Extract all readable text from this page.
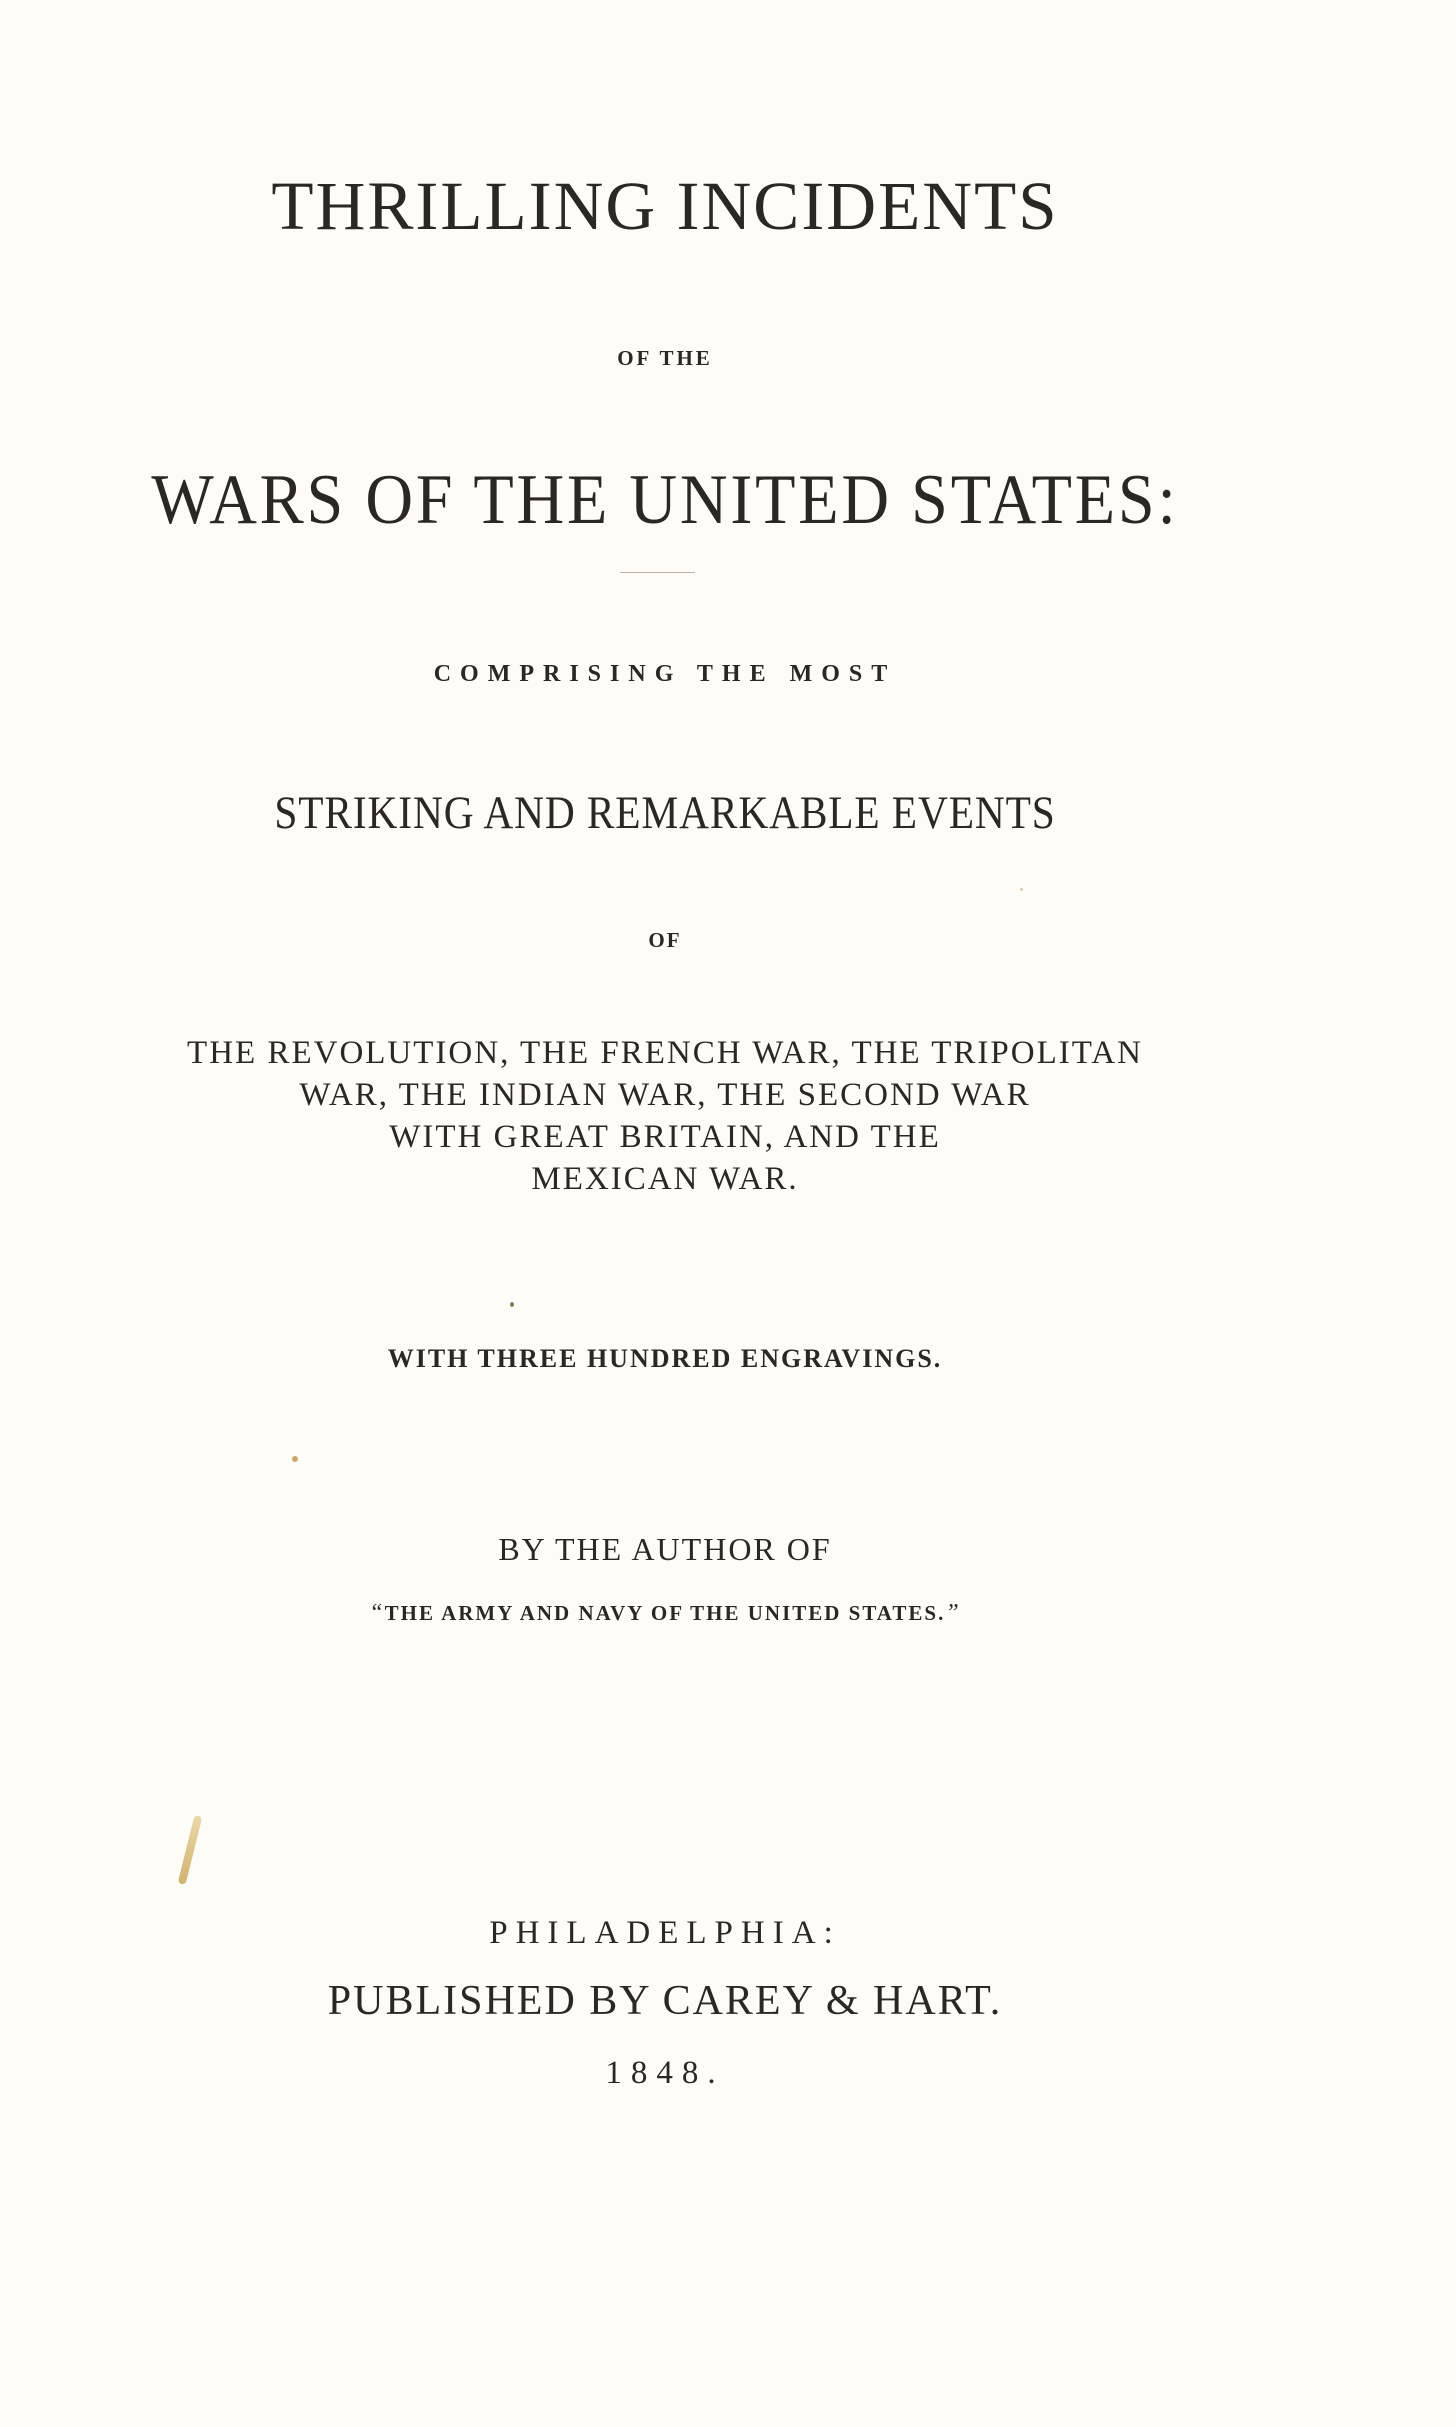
THRILLING INCIDENTS
OF THE
WARS OF THE UNITED STATES:
COMPRISING THE MOST
STRIKING AND REMARKABLE EVENTS
OF
THE REVOLUTION, THE FRENCH WAR, THE TRIPOLITAN
WAR, THE INDIAN WAR, THE SECOND WAR
WITH GREAT BRITAIN, AND THE
MEXICAN WAR.
WITH THREE HUNDRED ENGRAVINGS.
BY THE AUTHOR OF
“THE ARMY AND NAVY OF THE UNITED STATES.”
PHILADELPHIA:
PUBLISHED BY CAREY & HART.
1848.
